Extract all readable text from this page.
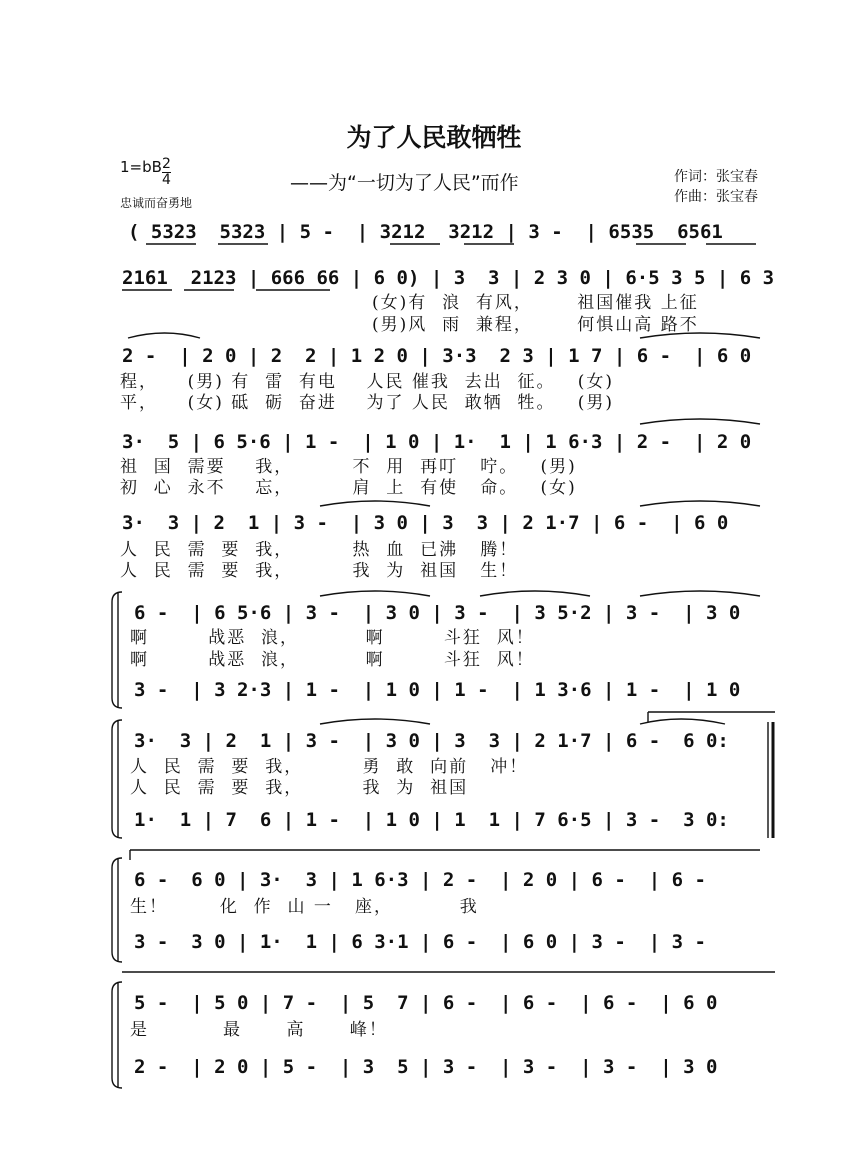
为了人民敢牺牲
$1=bB \frac{2}{4}$
忠诚而奋勇地
——为“一切为了人民”而作	作词：张宝春
作曲：张宝春
( 5323  5323 | 5 -  | 3212  3212 | 3 -  | 6535  6561
2161  2123 | 666 66 | 6 0) | 3  3 | 2 3 0 | 6·5 3 5 | 6 3
(女)有  浪  有风，      祖国催我 上征
(男)风  雨  兼程，      何惧山高 路不
2 -  | 2 0 | 2  2 | 1 2 0 | 3·3  2 3 | 1 7 | 6 -  | 6 0
程，    (男) 有  雷  有电    人民 催我  去出  征。   (女)
平，    (女) 砥  砺  奋进    为了 人民  敢牺  牲。   (男)
3·  5 | 6 5·6 | 1 -  | 1 0 | 1·  1 | 1 6·3 | 2 -  | 2 0
祖  国  需要    我，        不  用  再叮   咛。   (男)
初  心  永不    忘，        肩  上  有使   命。   (女)
3·  3 | 2  1 | 3 -  | 3 0 | 3  3 | 2 1·7 | 6 -  | 6 0
人  民  需  要  我，        热  血  已沸   腾！
人  民  需  要  我，        我  为  祖国   生！
6 -  | 6 5·6 | 3 -  | 3 0 | 3 -  | 3 5·2 | 3 -  | 3 0
啊        战恶  浪，         啊        斗狂  风！
啊        战恶  浪，         啊        斗狂  风！
3 -  | 3 2·3 | 1 -  | 1 0 | 1 -  | 1 3·6 | 1 -  | 1 0
3·  3 | 2  1 | 3 -  | 3 0 | 3  3 | 2 1·7 | 6 -  6 0:
人  民  需  要  我，        勇  敢  向前   冲！
人  民  需  要  我，        我  为  祖国
1·  1 | 7  6 | 1 -  | 1 0 | 1  1 | 7 6·5 | 3 -  3 0:
6 -  6 0 | 3·  3 | 1 6·3 | 2 -  | 2 0 | 6 -  | 6 -
生！       化  作  山 一   座，         我
3 -  3 0 | 1·  1 | 6 3·1 | 6 -  | 6 0 | 3 -  | 3 -
5 -  | 5 0 | 7 -  | 5  7 | 6 -  | 6 -  | 6 -  | 6 0
是          最      高      峰！
2 -  | 2 0 | 5 -  | 3  5 | 3 -  | 3 -  | 3 -  | 3 0
